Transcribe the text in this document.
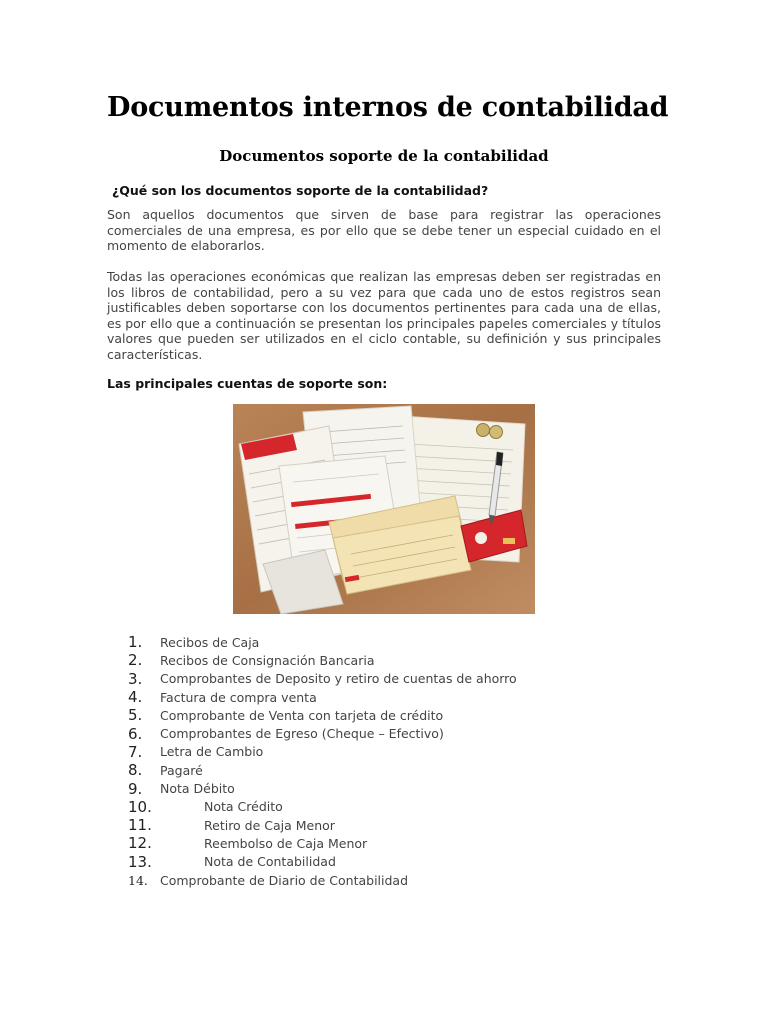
Documentos internos de contabilidad
Documentos soporte de la contabilidad
¿Qué son los documentos soporte de la contabilidad?

Son aquellos documentos que sirven de base para registrar las operaciones comerciales de una empresa, es por ello que se debe tener un especial cuidado en el momento de elaborarlos.

Todas las operaciones económicas que realizan las empresas deben ser registradas en los libros de contabilidad, pero a su vez para que cada uno de estos registros sean justificables deben soportarse con los documentos pertinentes para cada una de ellas, es por ello que a continuación se presentan los principales papeles comerciales y títulos valores que pueden ser utilizados en el ciclo contable, su definición y sus principales características.

Las principales cuentas de soporte son:
1.	Recibos de Caja
2.	Recibos de Consignación Bancaria
3.	Comprobantes de Deposito y retiro de cuentas de ahorro
4.	Factura de compra venta
5.	Comprobante de Venta con tarjeta de crédito
6.	Comprobantes de Egreso (Cheque – Efectivo)
7.	Letra de Cambio
8.	Pagaré
9.	Nota Débito
10.	Nota Crédito
11.	Retiro de Caja Menor
12.	Reembolso de Caja Menor
13.	Nota de Contabilidad
14. Comprobante de Diario de Contabilidad
